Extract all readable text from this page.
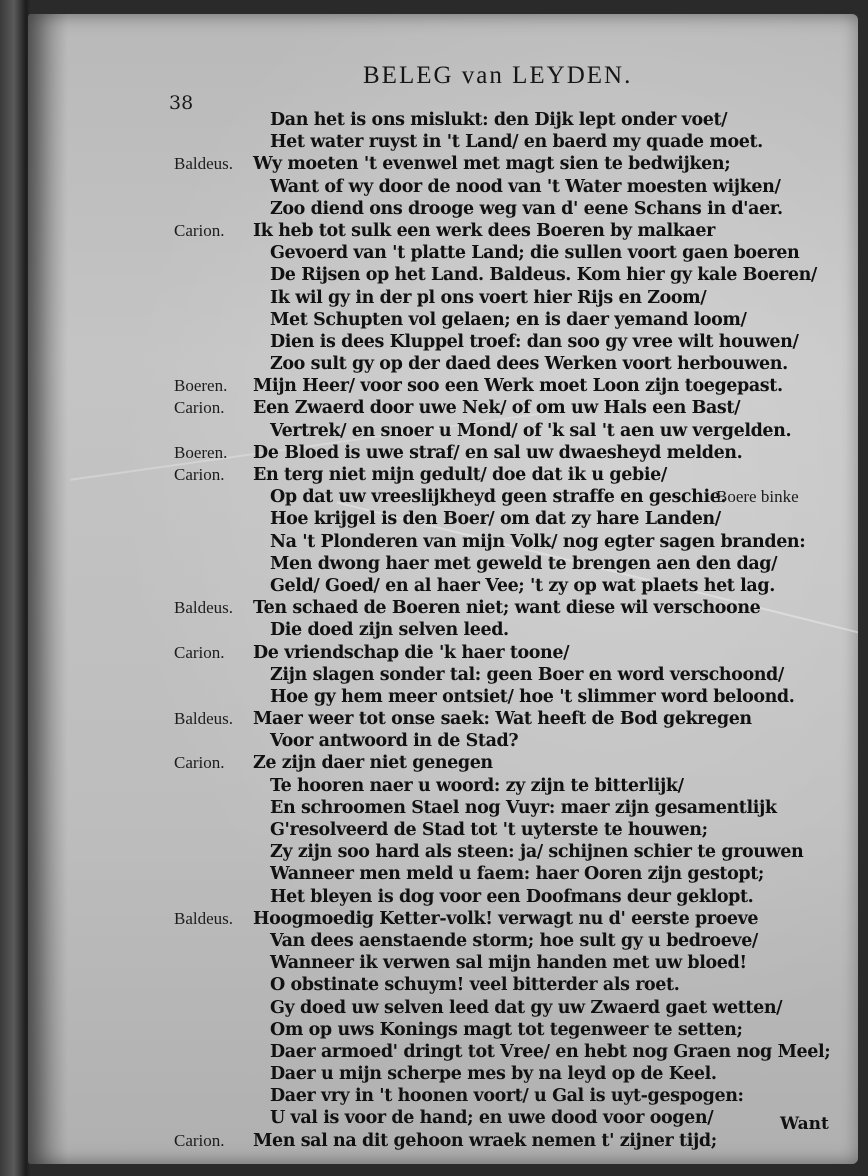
38
BELEG van LEYDEN.
Dan het is ons mislukt: den Dijk lept onder voet/
Het water ruyst in 't Land/ en baerd my quade moet.
Baldeus. Wy moeten 't evenwel met magt sien te bedwijken;
Want of wy door de nood van 't Water moesten wijken/
Zoo diend ons drooge weg van d' eene Schans in d'aer.
Carion. Ik heb tot sulk een werk dees Boeren by malkaer
Gevoerd van 't platte Land; die sullen voort gaen boeren
De Rijsen op het Land. Baldeus. Kom hier gy kale Boeren/
Ik wil gy in der pl ons voert hier Rijs en Zoom/
Met Schupten vol gelaen; en is daer yemand loom/
Dien is dees Kluppel troef: dan soo gy vree wilt houwen/
Zoo sult gy op der daed dees Werken voort herbouwen.
Boeren. Mijn Heer/ voor soo een Werk moet Loon zijn toegepast.
Carion. Een Zwaerd door uwe Nek/ of om uw Hals een Bast/
Vertrek/ en snoer u Mond/ of 'k sal 't aen uw vergelden.
Boeren. De Bloed is uwe straf/ en sal uw dwaesheyd melden.
Carion. En terg niet mijn gedult/ doe dat ik u gebie/
Op dat uw vreeslijkheyd geen straffe en geschie.
Boere binke
Hoe krijgel is den Boer/ om dat zy hare Landen/
Na 't Plonderen van mijn Volk/ nog egter sagen branden:
Men dwong haer met geweld te brengen aen den dag/
Geld/ Goed/ en al haer Vee; 't zy op wat plaets het lag.
Baldeus. Ten schaed de Boeren niet; want diese wil verschoone
Die doed zijn selven leed.
Carion. De vriendschap die 'k haer toone/
Zijn slagen sonder tal: geen Boer en word verschoond/
Hoe gy hem meer ontsiet/ hoe 't slimmer word beloond.
Baldeus. Maer weer tot onse saek: Wat heeft de Bod gekregen
Voor antwoord in de Stad?
Carion. Ze zijn daer niet genegen
Te hooren naer u woord: zy zijn te bitterlijk/
En schroomen Stael nog Vuyr: maer zijn gesamentlijk
G'resolveerd de Stad tot 't uyterste te houwen;
Zy zijn soo hard als steen: ja/ schijnen schier te grouwen
Wanneer men meld u faem: haer Ooren zijn gestopt;
Het bleyen is dog voor een Doofmans deur geklopt.
Baldeus. Hoogmoedig Ketter-volk! verwagt nu d' eerste proeve
Van dees aenstaende storm; hoe sult gy u bedroeve/
Wanneer ik verwen sal mijn handen met uw bloed!
O obstinate schuym! veel bitterder als roet.
Gy doed uw selven leed dat gy uw Zwaerd gaet wetten/
Om op uws Konings magt tot tegenweer te setten;
Daer armoed' dringt tot Vree/ en hebt nog Graen nog Meel;
Daer u mijn scherpe mes by na leyd op de Keel.
Daer vry in 't hoonen voort/ u Gal is uyt-gespogen:
U val is voor de hand; en uwe dood voor oogen/
Carion. Men sal na dit gehoon wraek nemen t' zijner tijd;
Want
